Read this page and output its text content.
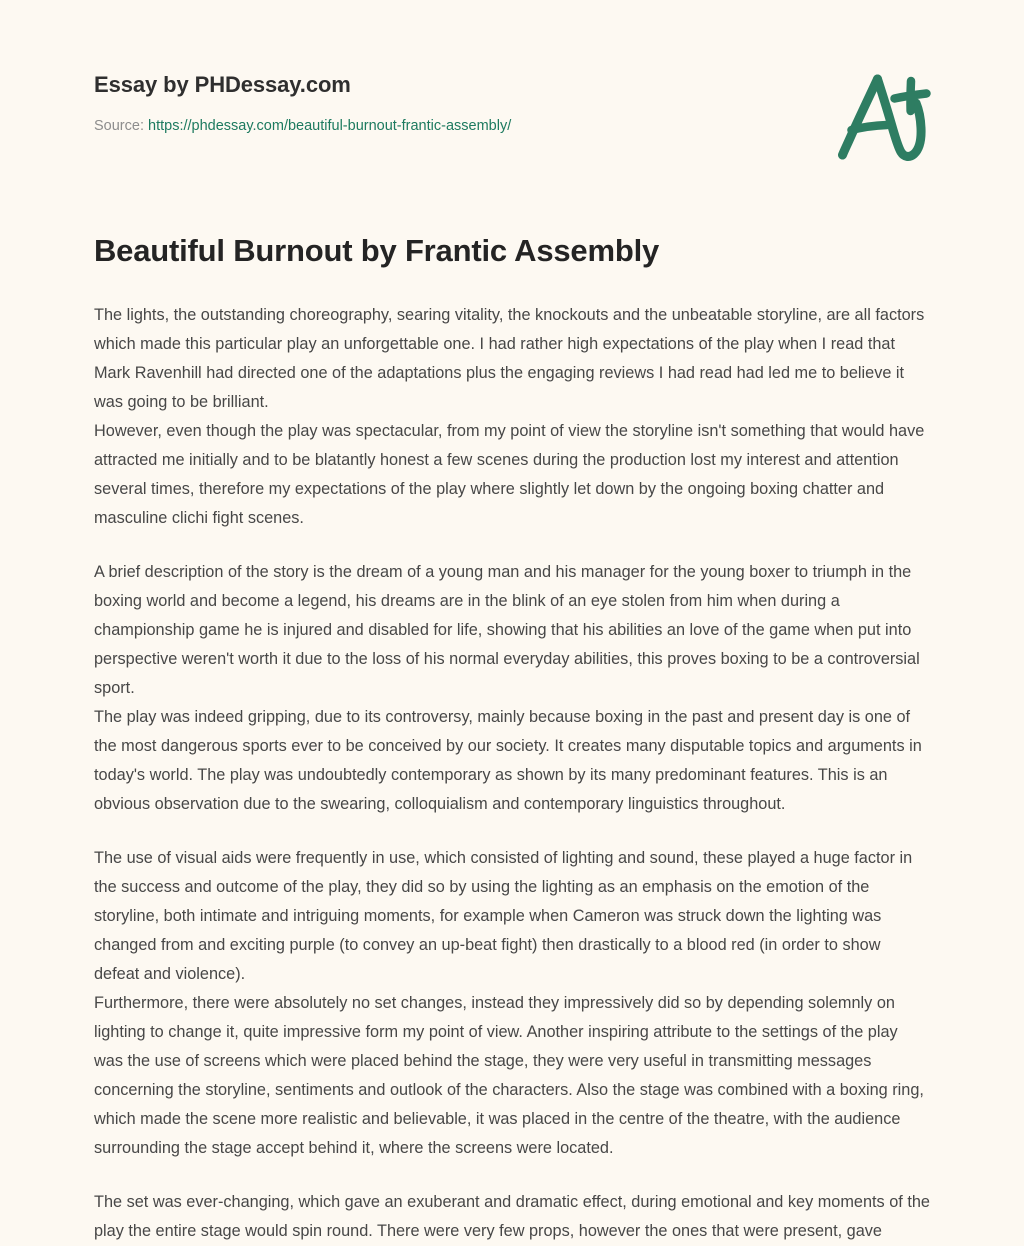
Essay by PHDessay.com
Source: https://phdessay.com/beautiful-burnout-frantic-assembly/
Beautiful Burnout by Frantic Assembly

The lights, the outstanding choreography, searing vitality, the knockouts and the unbeatable storyline, are all factors which made this particular play an unforgettable one. I had rather high expectations of the play when I read that Mark Ravenhill had directed one of the adaptations plus the engaging reviews I had read had led me to believe it was going to be brilliant.

However, even though the play was spectacular, from my point of view the storyline isn't something that would have attracted me initially and to be blatantly honest a few scenes during the production lost my interest and attention several times, therefore my expectations of the play where slightly let down by the ongoing boxing chatter and masculine clichi fight scenes.

A brief description of the story is the dream of a young man and his manager for the young boxer to triumph in the boxing world and become a legend, his dreams are in the blink of an eye stolen from him when during a championship game he is injured and disabled for life, showing that his abilities an love of the game when put into perspective weren't worth it due to the loss of his normal everyday abilities, this proves boxing to be a controversial sport.

The play was indeed gripping, due to its controversy, mainly because boxing in the past and present day is one of the most dangerous sports ever to be conceived by our society. It creates many disputable topics and arguments in today's world. The play was undoubtedly contemporary as shown by its many predominant features. This is an obvious observation due to the swearing, colloquialism and contemporary linguistics throughout.

The use of visual aids were frequently in use, which consisted of lighting and sound, these played a huge factor in the success and outcome of the play, they did so by using the lighting as an emphasis on the emotion of the storyline, both intimate and intriguing moments, for example when Cameron was struck down the lighting was changed from and exciting purple (to convey an up-beat fight) then drastically to a blood red (in order to show defeat and violence).

Furthermore, there were absolutely no set changes, instead they impressively did so by depending solemnly on lighting to change it, quite impressive form my point of view. Another inspiring attribute to the settings of the play was the use of screens which were placed behind the stage, they were very useful in transmitting messages concerning the storyline, sentiments and outlook of the characters. Also the stage was combined with a boxing ring, which made the scene more realistic and believable, it was placed in the centre of the theatre, with the audience surrounding the stage accept behind it, where the screens were located.

The set was ever-changing, which gave an exuberant and dramatic effect, during emotional and key moments of the play the entire stage would spin round. There were very few props, however the ones that were present, gave
